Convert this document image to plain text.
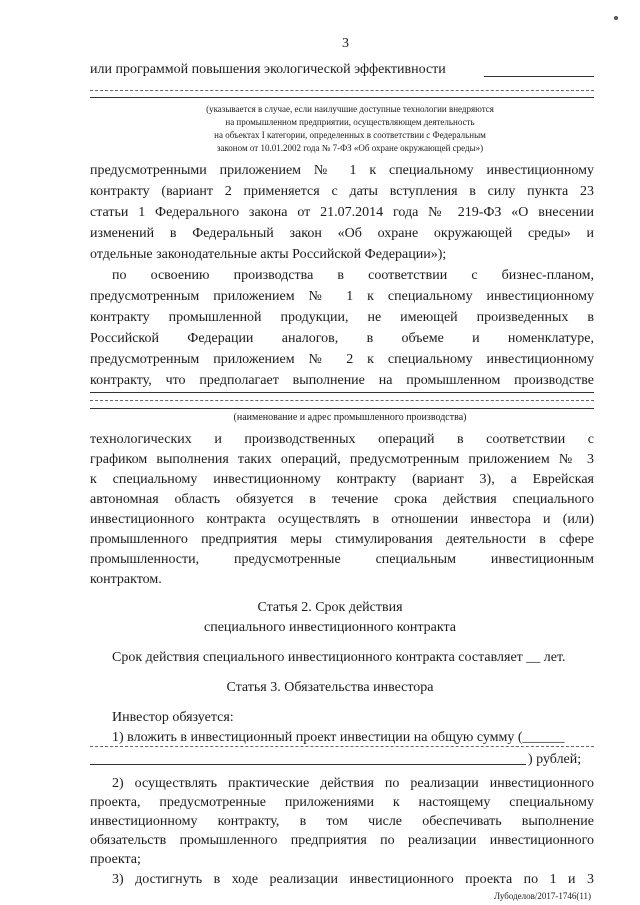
3
или программой повышения экологической эффективности
(указывается в случае, если наилучшие доступные технологии внедряются
на промышленном предприятии, осуществляющем деятельность
на объектах I категории, определенных в соответствии с Федеральным
законом от 10.01.2002 года № 7-ФЗ «Об охране окружающей среды»)
предусмотренными приложением № 1 к специальному инвестиционному
контракту (вариант 2 применяется с даты вступления в силу пункта 23
статьи 1 Федерального закона от 21.07.2014 года № 219-ФЗ «О внесении
изменений в Федеральный закон «Об охране окружающей среды» и
отдельные законодательные акты Российской Федерации»);
по освоению производства в соответствии с бизнес-планом,
предусмотренным приложением № 1 к специальному инвестиционному
контракту промышленной продукции, не имеющей произведенных в
Российской Федерации аналогов, в объеме и номенклатуре,
предусмотренным приложением № 2 к специальному инвестиционному
контракту, что предполагает выполнение на промышленном производстве
(наименование и адрес промышленного производства)
технологических и производственных операций в соответствии с
графиком выполнения таких операций, предусмотренным приложением № 3
к специальному инвестиционному контракту (вариант 3), а Еврейская
автономная область обязуется в течение срока действия специального
инвестиционного контракта осуществлять в отношении инвестора и (или)
промышленного предприятия меры стимулирования деятельности в сфере
промышленности, предусмотренные специальным инвестиционным
контрактом.
Статья 2. Срок действия
специального инвестиционного контракта
Срок действия специального инвестиционного контракта составляет __ лет.
Статья 3. Обязательства инвестора
Инвестор обязуется:
1) вложить в инвестиционный проект инвестиции на общую сумму (______
) рублей;
2) осуществлять практические действия по реализации инвестиционного
проекта, предусмотренные приложениями к настоящему специальному
инвестиционному контракту, в том числе обеспечивать выполнение
обязательств промышленного предприятия по реализации инвестиционного
проекта;
3) достигнуть в ходе реализации инвестиционного проекта по 1 и 3
Лубоделов/2017-1746(11)
